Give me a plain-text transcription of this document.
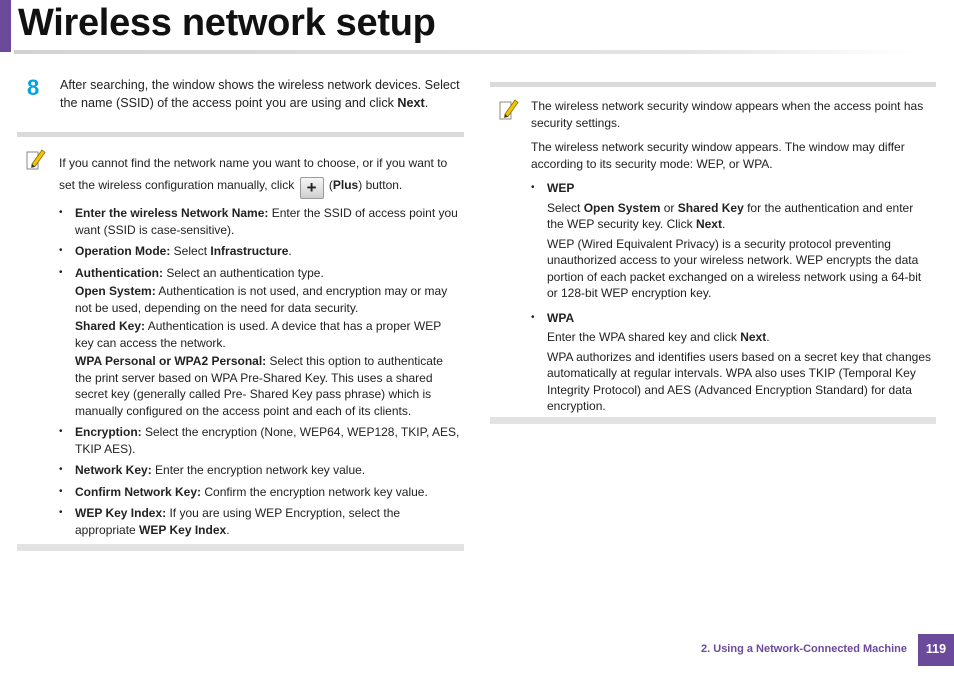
Wireless network setup
8 After searching, the window shows the wireless network devices. Select the name (SSID) of the access point you are using and click Next.

If you cannot find the network name you want to choose, or if you want to

set the wireless configuration manually, click + (Plus) button.

• Enter the wireless Network Name: Enter the SSID of access point you want (SSID is case-sensitive).
• Operation Mode: Select Infrastructure.
• Authentication: Select an authentication type.

Open System: Authentication is not used, and encryption may or may not be used, depending on the need for data security.

Shared Key: Authentication is used. A device that has a proper WEP key can access the network.

WPA Personal or WPA2 Personal: Select this option to authenticate the print server based on WPA Pre-Shared Key. This uses a shared secret key (generally called Pre- Shared Key pass phrase) which is manually configured on the access point and each of its clients.

• Encryption: Select the encryption (None, WEP64, WEP128, TKIP, AES, TKIP AES).
• Network Key: Enter the encryption network key value.
• Confirm Network Key: Confirm the encryption network key value.
• WEP Key Index: If you are using WEP Encryption, select the appropriate WEP Key Index.

The wireless network security window appears when the access point has security settings.

The wireless network security window appears. The window may differ according to its security mode: WEP, or WPA.

• WEP

Select Open System or Shared Key for the authentication and enter the WEP security key. Click Next.

WEP (Wired Equivalent Privacy) is a security protocol preventing unauthorized access to your wireless network. WEP encrypts the data portion of each packet exchanged on a wireless network using a 64-bit or 128-bit WEP encryption key.

• WPA

Enter the WPA shared key and click Next.

WPA authorizes and identifies users based on a secret key that changes automatically at regular intervals. WPA also uses TKIP (Temporal Key Integrity Protocol) and AES (Advanced Encryption Standard) for data encryption.

2. Using a Network-Connected Machine	119
